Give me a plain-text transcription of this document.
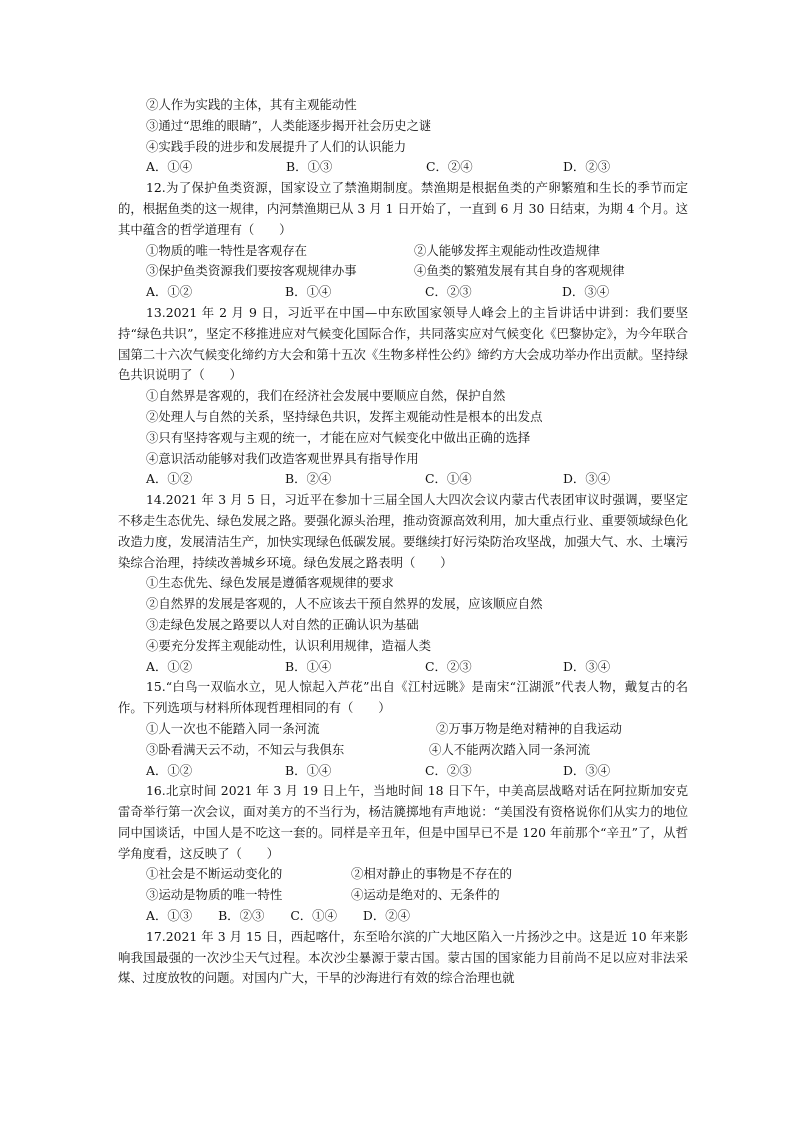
②人作为实践的主体，其有主观能动性
③通过“思维的眼睛”，人类能逐步揭开社会历史之谜
④实践手段的进步和发展提升了人们的认识能力
A．①④	B．①③	C．②④	D．②③
12.为了保护鱼类资源，国家设立了禁渔期制度。禁渔期是根据鱼类的产卵繁殖和生长的季节而定的，根据鱼类的这一规律，内河禁渔期已从 3 月 1 日开始了，一直到 6 月 30 日结束，为期 4 个月。这其中蕴含的哲学道理有（　　）
①物质的唯一特性是客观存在	②人能够发挥主观能动性改造规律
③保护鱼类资源我们要按客观规律办事	④鱼类的繁殖发展有其自身的客观规律
A．①②	B．①④	C．②③	D．③④
13.2021 年 2 月 9 日，习近平在中国—中东欧国家领导人峰会上的主旨讲话中讲到：我们要坚持“绿色共识”，坚定不移推进应对气候变化国际合作，共同落实应对气候变化《巴黎协定》，为今年联合国第二十六次气候变化缔约方大会和第十五次《生物多样性公约》缔约方大会成功举办作出贡献。坚持绿色共识说明了（　　）
①自然界是客观的，我们在经济社会发展中要顺应自然，保护自然
②处理人与自然的关系，坚持绿色共识，发挥主观能动性是根本的出发点
③只有坚持客观与主观的统一，才能在应对气候变化中做出正确的选择
④意识活动能够对我们改造客观世界具有指导作用
A．①②	B．②④	C．①④	D．③④
14.2021 年 3 月 5 日，习近平在参加十三届全国人大四次会议内蒙古代表团审议时强调，要坚定不移走生态优先、绿色发展之路。要强化源头治理，推动资源高效利用，加大重点行业、重要领域绿色化改造力度，发展清洁生产，加快实现绿色低碳发展。要继续打好污染防治攻坚战，加强大气、水、土壤污染综合治理，持续改善城乡环境。绿色发展之路表明（　　）
①生态优先、绿色发展是遵循客观规律的要求
②自然界的发展是客观的，人不应该去干预自然界的发展，应该顺应自然
③走绿色发展之路要以人对自然的正确认识为基础
④要充分发挥主观能动性，认识利用规律，造福人类
A．①②	B．①④	C．②③	D．③④
15.“白鸟一双临水立，见人惊起入芦花”出自《江村远眺》是南宋“江湖派”代表人物，戴复古的名作。下列选项与材料所体现哲理相同的有（　　）
①人一次也不能踏入同一条河流	②万事万物是绝对精神的自我运动
③卧看满天云不动，不知云与我俱东	④人不能两次踏入同一条河流
A．①②	B．①④	C．②③	D．③④
16.北京时间 2021 年 3 月 19 日上午，当地时间 18 日下午，中美高层战略对话在阿拉斯加安克雷奇举行第一次会议，面对美方的不当行为，杨洁篪掷地有声地说：“美国没有资格说你们从实力的地位同中国谈话，中国人是不吃这一套的。同样是辛丑年，但是中国早已不是 120 年前那个“辛丑”了，从哲学角度看，这反映了（　　）
①社会是不断运动变化的	②相对静止的事物是不存在的
③运动是物质的唯一特性	④运动是绝对的、无条件的
A．①③ B．②③ C．①④ D．②④
17.2021 年 3 月 15 日，西起喀什，东至哈尔滨的广大地区陷入一片扬沙之中。这是近 10 年来影响我国最强的一次沙尘天气过程。本次沙尘暴源于蒙古国。蒙古国的国家能力目前尚不足以应对非法采煤、过度放牧的问题。对国内广大，干旱的沙海进行有效的综合治理也就
